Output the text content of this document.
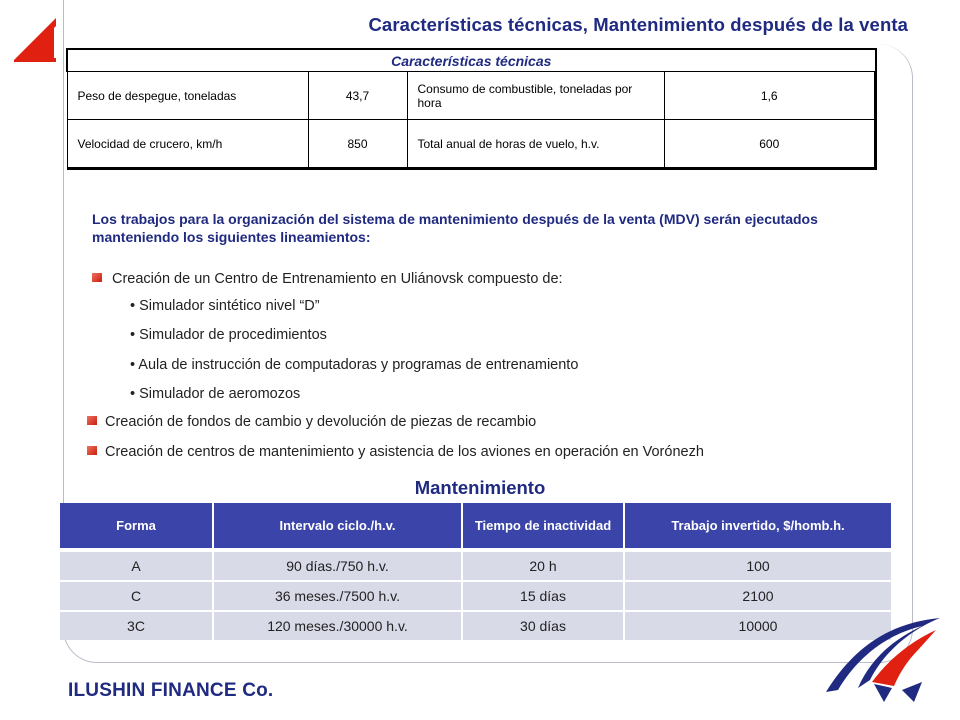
Características técnicas, Mantenimiento después de la venta
Características técnicas			
Peso de despegue, toneladas	43,7	Consumo de combustible, toneladas por hora	1,6
Velocidad de crucero, km/h	850	Total anual de horas de vuelo, h.v.	600
Los trabajos para la organización del sistema de mantenimiento después de la venta (MDV) serán ejecutados manteniendo los siguientes lineamientos:
Creación de un Centro de Entrenamiento en Uliánovsk compuesto de:
• Simulador sintético nivel “D”
• Simulador de procedimientos
• Aula de instrucción de computadoras y programas de entrenamiento
• Simulador de aeromozos
Creación de fondos de cambio y devolución de piezas de recambio
Creación de centros de mantenimiento y asistencia de los aviones en operación en Vorónezh
Mantenimiento
Forma	Intervalo ciclo./h.v.	Tiempo de inactividad	Trabajo invertido, $/homb.h.
A	90 días./750 h.v.	20 h	100
C	36 meses./7500 h.v.	15 días	2100
3C	120 meses./30000 h.v.	30 días	10000
ILUSHIN FINANCE Co.
